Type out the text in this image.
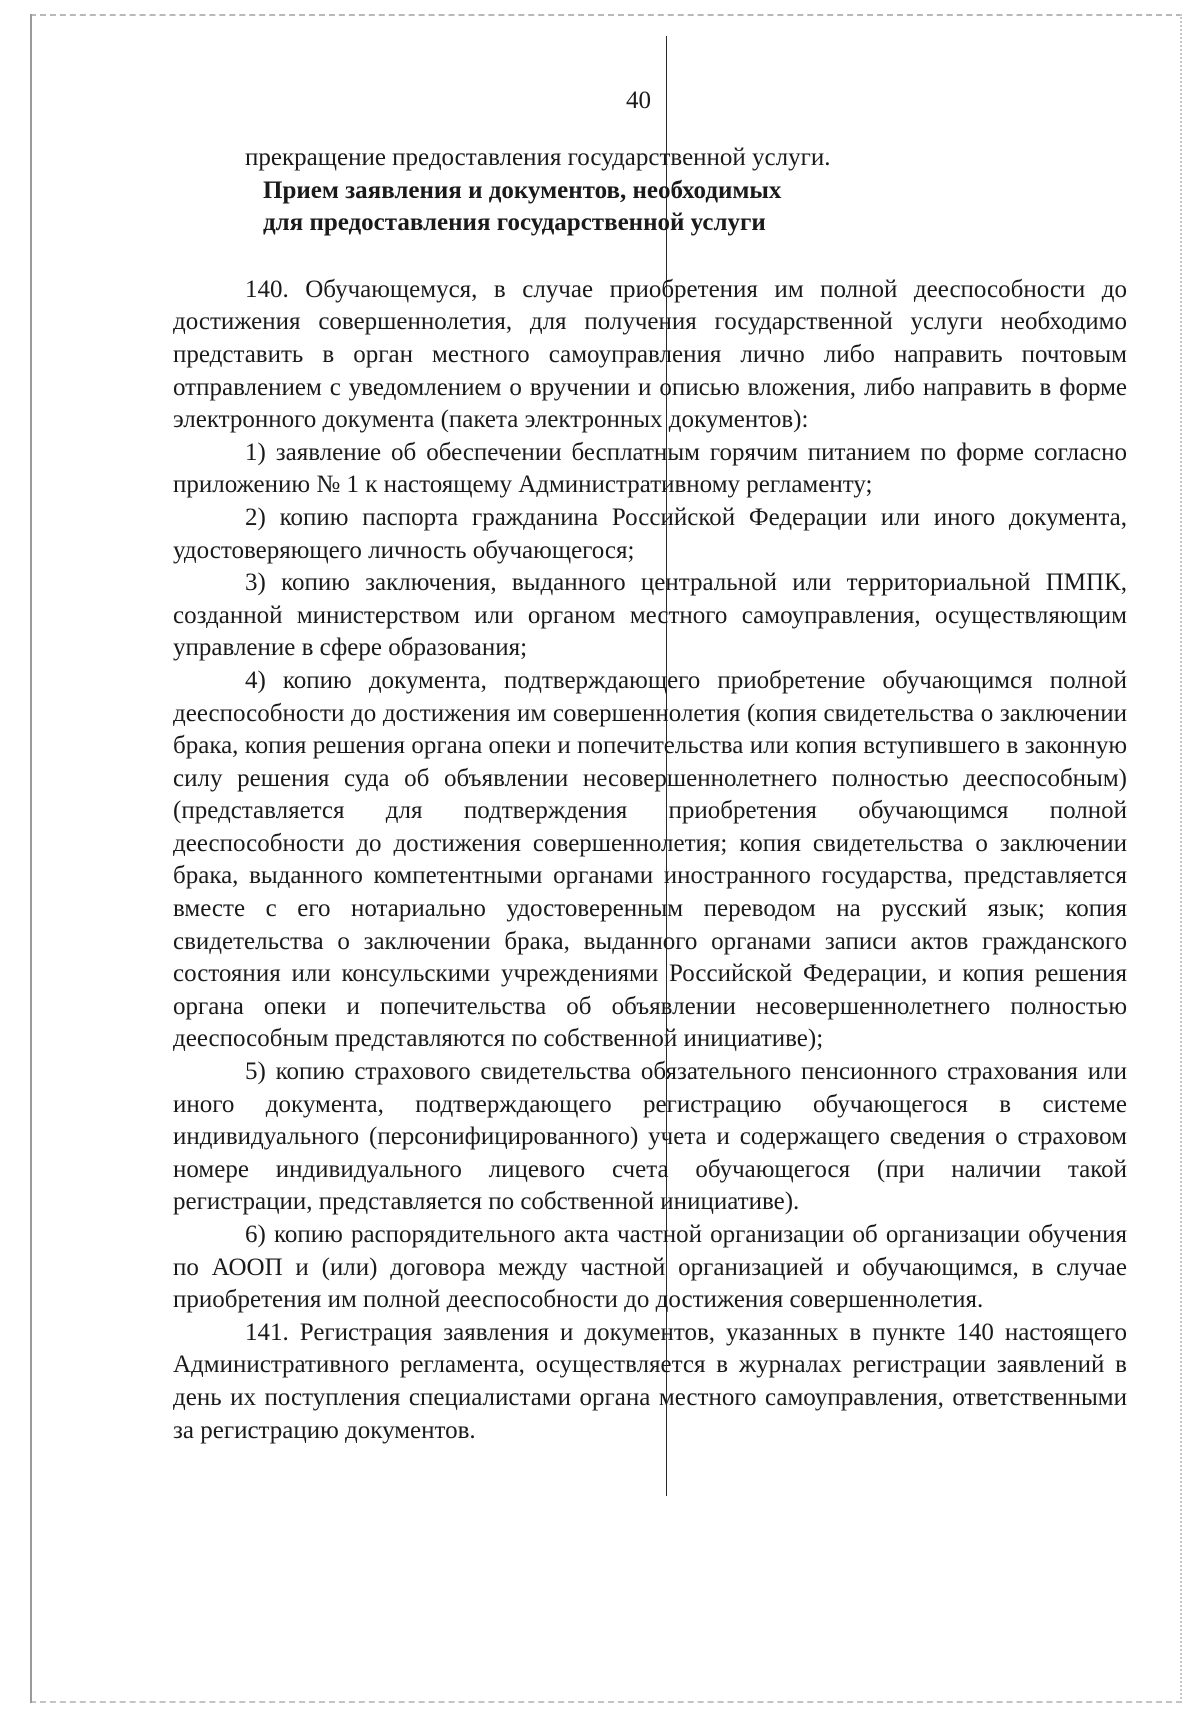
40

прекращение предоставления государственной услуги.

Прием заявления и документов, необходимых

для предоставления государственной услуги

140. Обучающемуся, в случае приобретения им полной дееспособности до достижения совершеннолетия, для получения государственной услуги необходимо представить в орган местного самоуправления лично либо направить почтовым отправлением с уведомлением о вручении и описью вложения, либо направить в форме электронного документа (пакета электронных документов):

1) заявление об обеспечении бесплатным горячим питанием по форме согласно приложению № 1 к настоящему Административному регламенту;

2) копию паспорта гражданина Российской Федерации или иного документа, удостоверяющего личность обучающегося;

3) копию заключения, выданного центральной или территориальной ПМПК, созданной министерством или органом местного самоуправления, осуществляющим управление в сфере образования;

4) копию документа, подтверждающего приобретение обучающимся полной дееспособности до достижения им совершеннолетия (копия свидетельства о заключении брака, копия решения органа опеки и попечительства или копия вступившего в законную силу решения суда об объявлении несовершеннолетнего полностью дееспособным) (представляется для подтверждения приобретения обучающимся полной дееспособности до достижения совершеннолетия; копия свидетельства о заключении брака, выданного компетентными органами иностранного государства, представляется вместе с его нотариально удостоверенным переводом на русский язык; копия свидетельства о заключении брака, выданного органами записи актов гражданского состояния или консульскими учреждениями Российской Федерации, и копия решения органа опеки и попечительства об объявлении несовершеннолетнего полностью дееспособным представляются по собственной инициативе);

5) копию страхового свидетельства обязательного пенсионного страхования или иного документа, подтверждающего регистрацию обучающегося в системе индивидуального (персонифицированного) учета и содержащего сведения о страховом номере индивидуального лицевого счета обучающегося (при наличии такой регистрации, представляется по собственной инициативе).

6) копию распорядительного акта частной организации об организации обучения по АООП и (или) договора между частной организацией и обучающимся, в случае приобретения им полной дееспособности до достижения совершеннолетия.

141. Регистрация заявления и документов, указанных в пункте 140 настоящего Административного регламента, осуществляется в журналах регистрации заявлений в день их поступления специалистами органа местного самоуправления, ответственными за регистрацию документов.
